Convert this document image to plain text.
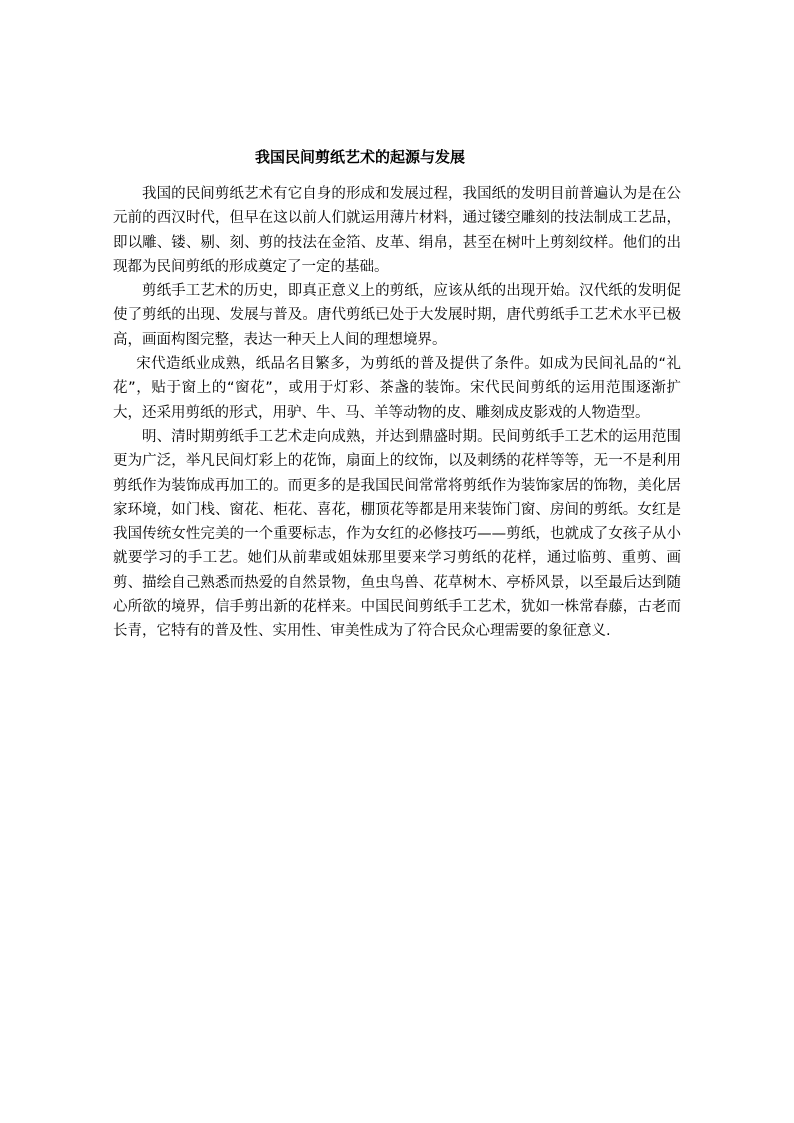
我国民间剪纸艺术的起源与发展

我国的民间剪纸艺术有它自身的形成和发展过程，我国纸的发明目前普遍认为是在公元前的西汉时代，但早在这以前人们就运用薄片材料，通过镂空雕刻的技法制成工艺品，即以雕、镂、剔、刻、剪的技法在金箔、皮革、绢帛，甚至在树叶上剪刻纹样。他们的出现都为民间剪纸的形成奠定了一定的基础。

剪纸手工艺术的历史，即真正意义上的剪纸，应该从纸的出现开始。汉代纸的发明促使了剪纸的出现、发展与普及。唐代剪纸已处于大发展时期，唐代剪纸手工艺术水平已极高，画面构图完整，表达一种天上人间的理想境界。

宋代造纸业成熟，纸品名目繁多，为剪纸的普及提供了条件。如成为民间礼品的“礼花”，贴于窗上的“窗花”，或用于灯彩、茶盏的装饰。宋代民间剪纸的运用范围逐渐扩大，还采用剪纸的形式，用驴、牛、马、羊等动物的皮、雕刻成皮影戏的人物造型。

明、清时期剪纸手工艺术走向成熟，并达到鼎盛时期。民间剪纸手工艺术的运用范围更为广泛，举凡民间灯彩上的花饰，扇面上的纹饰，以及刺绣的花样等等，无一不是利用剪纸作为装饰成再加工的。而更多的是我国民间常常将剪纸作为装饰家居的饰物，美化居家环境，如门栈、窗花、柜花、喜花，棚顶花等都是用来装饰门窗、房间的剪纸。女红是我国传统女性完美的一个重要标志，作为女红的必修技巧——剪纸，也就成了女孩子从小就要学习的手工艺。她们从前辈或姐妹那里要来学习剪纸的花样，通过临剪、重剪、画剪、描绘自己熟悉而热爱的自然景物，鱼虫鸟兽、花草树木、亭桥风景，以至最后达到随心所欲的境界，信手剪出新的花样来。中国民间剪纸手工艺术，犹如一株常春藤，古老而长青，它特有的普及性、实用性、审美性成为了符合民众心理需要的象征意义.
